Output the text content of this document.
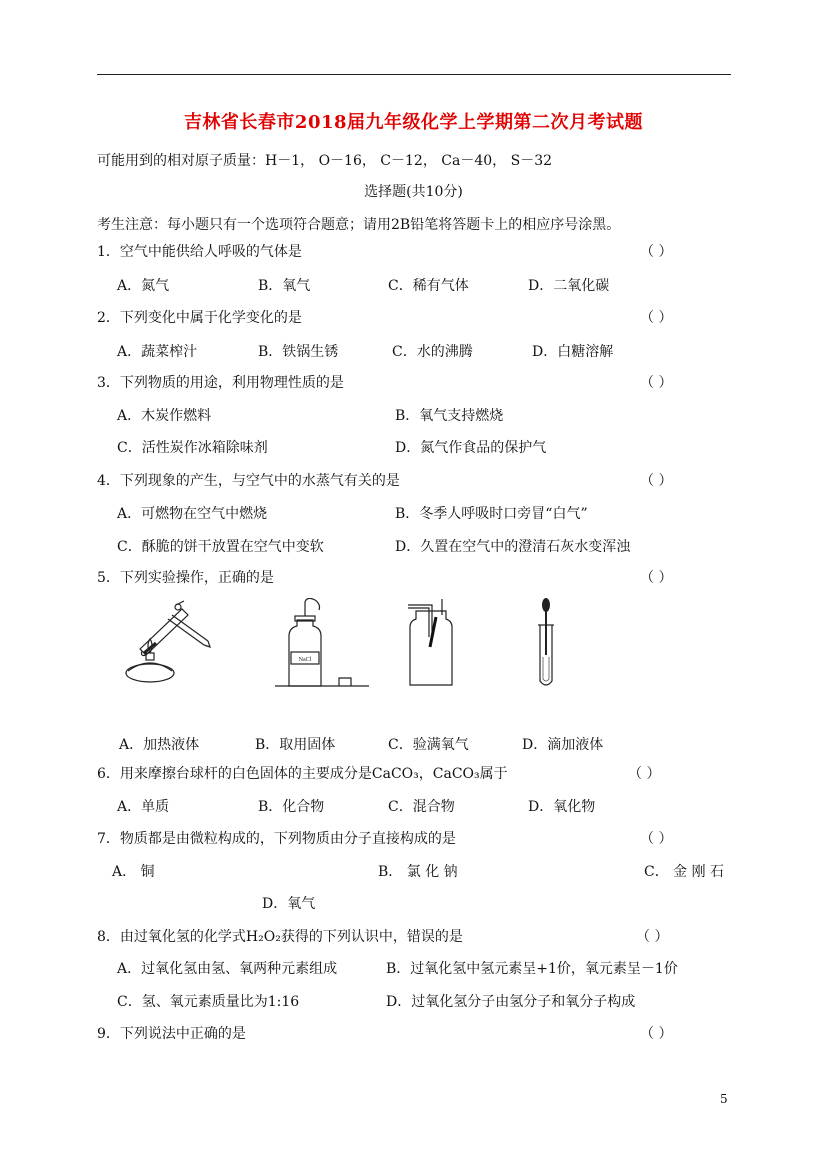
吉林省长春市2018届九年级化学上学期第二次月考试题
可能用到的相对原子质量：H－1， O－16， C－12， Ca－40， S－32
选择题(共10分)
考生注意：每小题只有一个选项符合题意；请用2B铅笔将答题卡上的相应序号涂黑。
1．空气中能供给人呼吸的气体是	（ ）
A．氮气	B．氧气	C．稀有气体	D．二氧化碳
2．下列变化中属于化学变化的是	（ ）
A．蔬菜榨汁	B．铁锅生锈	C．水的沸腾	D．白糖溶解
3．下列物质的用途，利用物理性质的是	（ ）
A．木炭作燃料	B．氧气支持燃烧
C．活性炭作冰箱除味剂	D．氮气作食品的保护气
4．下列现象的产生，与空气中的水蒸气有关的是	（ ）
A．可燃物在空气中燃烧	B．冬季人呼吸时口旁冒“白气”
C．酥脆的饼干放置在空气中变软	D．久置在空气中的澄清石灰水变浑浊
5．下列实验操作，正确的是	（ ）
NaCl
A．加热液体	B．取用固体	C．验满氧气	D．滴加液体
6．用来摩擦台球杆的白色固体的主要成分是CaCO₃，CaCO₃属于	（ ）
A．单质	B．化合物	C．混合物	D．氧化物
7．物质都是由微粒构成的，下列物质由分子直接构成的是	（ ）
A． 铜	B． 氯 化 钠	C． 金 刚 石
D．氧气
8．由过氧化氢的化学式H₂O₂获得的下列认识中，错误的是	（ ）
A．过氧化氢由氢、氧两种元素组成	B．过氧化氢中氢元素呈+1价，氧元素呈－1价
C．氢、氧元素质量比为1:16	D．过氧化氢分子由氢分子和氧分子构成
9．下列说法中正确的是	（ ）
5
